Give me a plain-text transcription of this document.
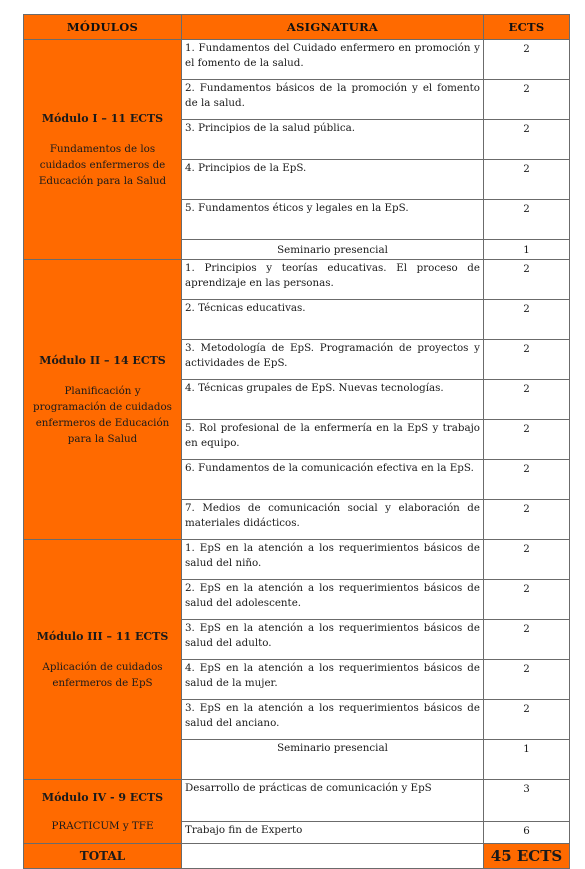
MÓDULOS	ASIGNATURA	ECTS

Módulo I – 11 ECTS
Fundamentos de los cuidados enfermeros de Educación para la Salud	1. Fundamentos del Cuidado enfermero en promoción y el fomento de la salud.	2
	2. Fundamentos básicos de la promoción y el fomento de la salud.	2
	3. Principios de la salud pública.	2
	4. Principios de la EpS.	2
	5. Fundamentos éticos y legales en la EpS.	2
	Seminario presencial	1

Módulo II – 14 ECTS
Planificación y programación de cuidados enfermeros de Educación para la Salud	1. Principios y teorías educativas. El proceso de aprendizaje en las personas.	2
	2. Técnicas educativas.	2
	3. Metodología de EpS. Programación de proyectos y actividades de EpS.	2
	4. Técnicas grupales de EpS. Nuevas tecnologías.	2
	5. Rol profesional de la enfermería en la EpS y trabajo en equipo.	2
	6. Fundamentos de la comunicación efectiva en la EpS.	2
	7. Medios de comunicación social y elaboración de materiales didácticos.	2

Módulo III – 11 ECTS
Aplicación de cuidados enfermeros de EpS	1. EpS en la atención a los requerimientos básicos de salud del niño.	2
	2. EpS en la atención a los requerimientos básicos de salud del adolescente.	2
	3. EpS en la atención a los requerimientos básicos de salud del adulto.	2
	4. EpS en la atención a los requerimientos básicos de salud de la mujer.	2
	3. EpS en la atención a los requerimientos básicos de salud del anciano.	2
	Seminario presencial	1

Módulo IV - 9 ECTS
PRACTICUM y TFE	Desarrollo de prácticas de comunicación y EpS	3
	Trabajo fin de Experto	6
TOTAL		45 ECTS
